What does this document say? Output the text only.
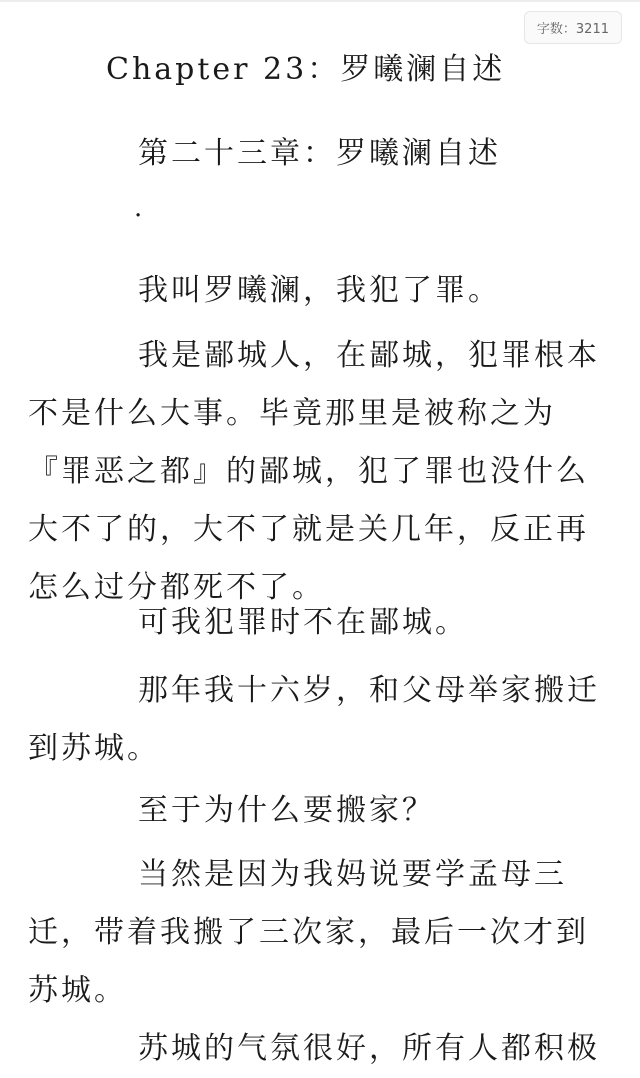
字数：3211
Chapter 23：罗曦澜自述

第二十三章：罗曦澜自述

·

我叫罗曦澜，我犯了罪。

我是鄙城人，在鄙城，犯罪根本不是什么大事。毕竟那里是被称之为『罪恶之都』的鄙城，犯了罪也没什么大不了的，大不了就是关几年，反正再怎么过分都死不了。

可我犯罪时不在鄙城。

那年我十六岁，和父母举家搬迁到苏城。

至于为什么要搬家？

当然是因为我妈说要学孟母三迁，带着我搬了三次家，最后一次才到苏城。

苏城的气氛很好，所有人都积极
